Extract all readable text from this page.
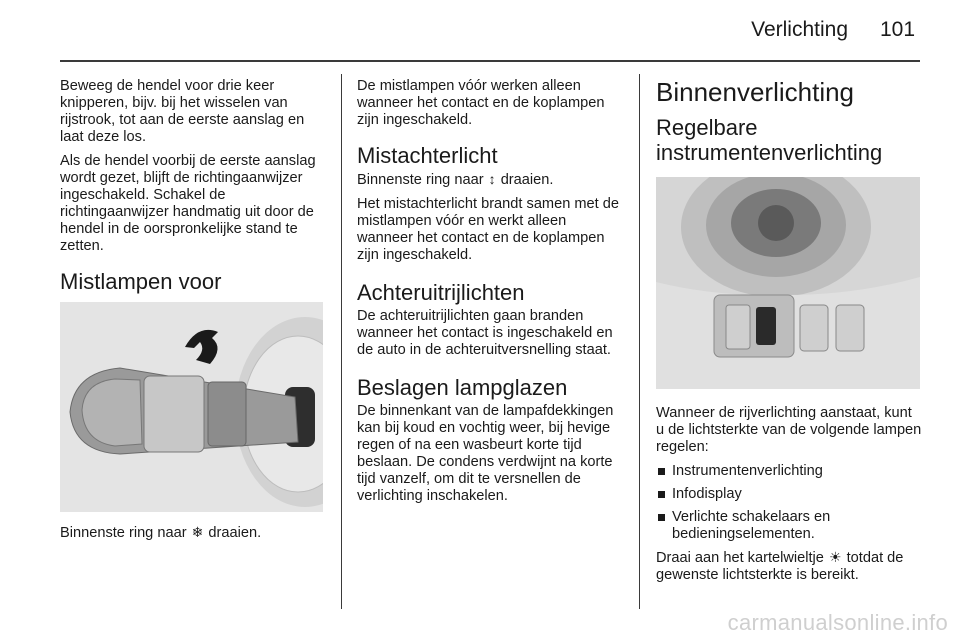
Verlichting 101

Beweeg de hendel voor drie keer knipperen, bijv. bij het wisselen van rijstrook, tot aan de eerste aanslag en laat deze los.

Als de hendel voorbij de eerste aanslag wordt gezet, blijft de richtingaanwijzer ingeschakeld. Schakel de richtingaanwijzer handmatig uit door de hendel in de oorspronkelijke stand te zetten.

Mistlampen voor

Binnenste ring naar ❄ draaien.

De mistlampen vóór werken alleen wanneer het contact en de koplampen zijn ingeschakeld.

Mistachterlicht

Binnenste ring naar ↕ draaien.

Het mistachterlicht brandt samen met de mistlampen vóór en werkt alleen wanneer het contact en de koplampen zijn ingeschakeld.

Achteruitrijlichten

De achteruitrijlichten gaan branden wanneer het contact is ingeschakeld en de auto in de achteruitversnelling staat.

Beslagen lampglazen

De binnenkant van de lampafdekkingen kan bij koud en vochtig weer, bij hevige regen of na een wasbeurt korte tijd beslaan. De condens verdwijnt na korte tijd vanzelf, om dit te versnellen de verlichting inschakelen.

Binnenverlichting
Regelbare instrumentenverlichting

Wanneer de rijverlichting aanstaat, kunt u de lichtsterkte van de volgende lampen regelen:

Instrumentenverlichting
Infodisplay
Verlichte schakelaars en bedieningselementen.

Draai aan het kartelwieltje ☀ totdat de gewenste lichtsterkte is bereikt.

carmanualsonline.info
